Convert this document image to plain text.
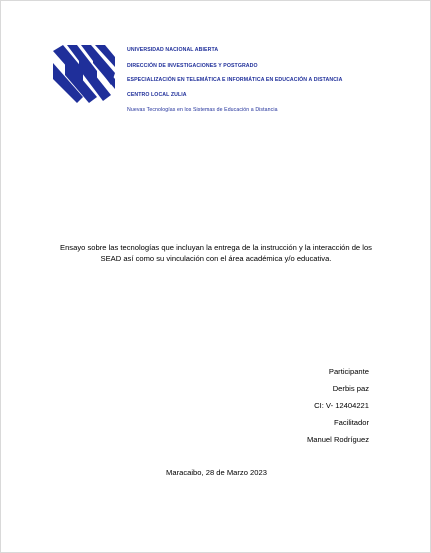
UNIVERSIDAD NACIONAL ABIERTA
DIRECCIÓN DE INVESTIGACIONES Y POSTGRADO
ESPECIALIZACIÓN EN TELEMÁTICA E INFORMÁTICA EN EDUCACIÓN A DISTANCIA
CENTRO LOCAL ZULIA
Nuevas Tecnologías en los Sistemas de Educación a Distancia
Ensayo sobre las tecnologías que incluyan la entrega de la instrucción y la interacción de los SEAD así como su vinculación con el área académica y/o educativa.
Participante
Derbis paz
CI: V- 12404221
Facilitador
Manuel Rodríguez
Maracaibo, 28 de Marzo 2023
